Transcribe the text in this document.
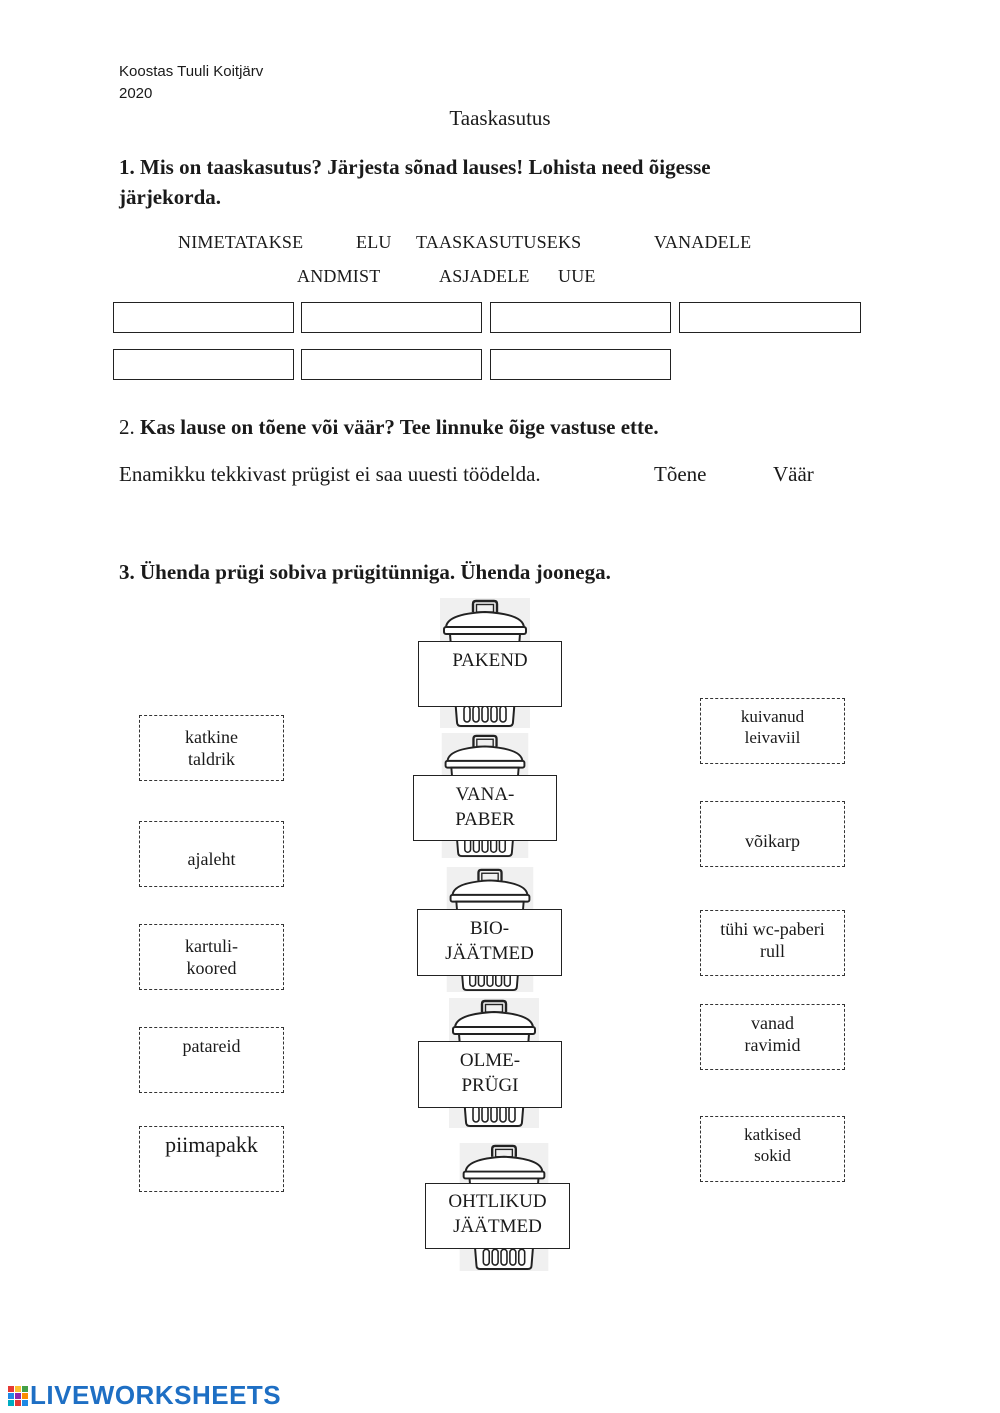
Koostas Tuuli Koitjärv
2020
Taaskasutus
1. Mis on taaskasutus? Järjesta sõnad lauses! Lohista need õigesse
järjekorda.
NIMETATAKSE	ELU TAASKASUTUSEKS	VANADELE
ANDMIST	ASJADELE UUE
2. Kas lause on tõene või väär? Tee linnuke õige vastuse ette.
Enamikku tekkivast prügist ei saa uuesti töödelda.	Tõene	Väär
3. Ühenda prügi sobiva prügitünniga. Ühenda joonega.
katkine
taldrik
ajaleht
kartuli-
koored
patareid
piimapakk
kuivanud
leivaviil
võikarp
tühi wc-paberi
rull
vanad
ravimid
katkised
sokid
PAKEND
VANA-
PABER
BIO-
JÄÄTMED
OLME-
PRÜGI
OHTLIKUD
JÄÄTMED
LIVEWORKSHEETS
